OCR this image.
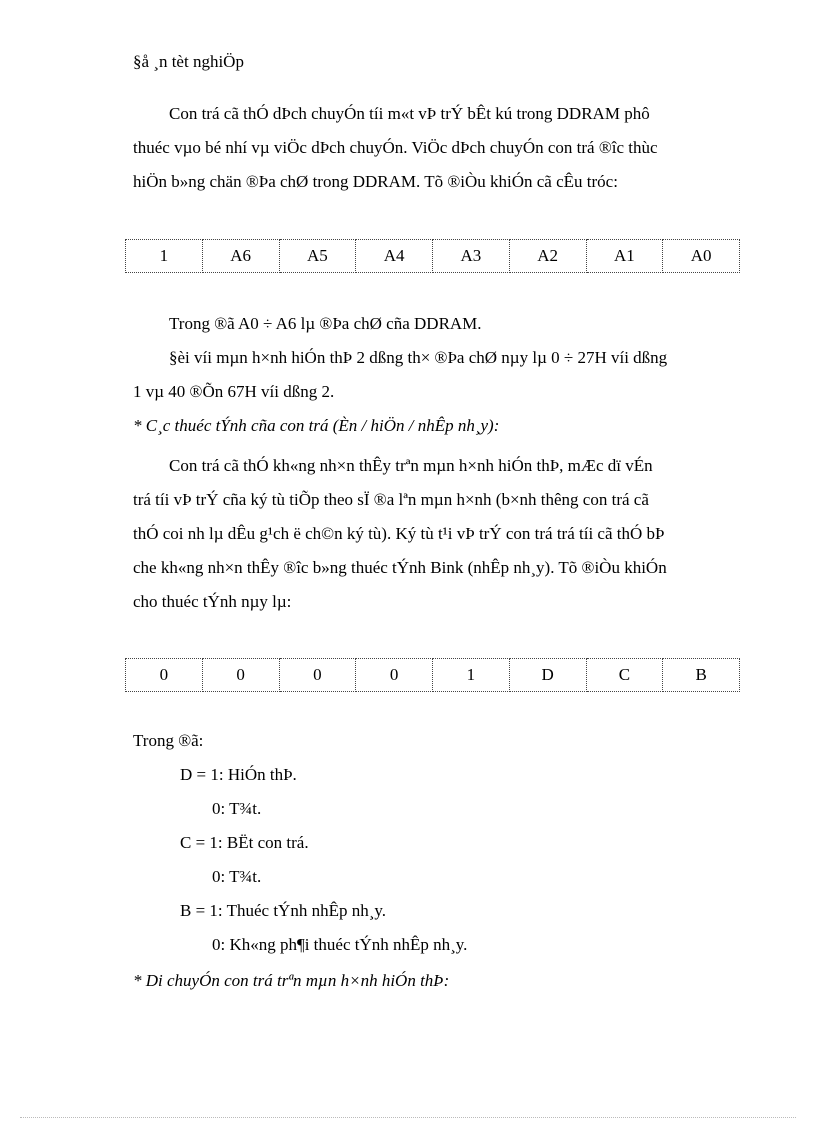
§å ¸n tèt nghiÖp

Con trá cã thÓ dÞch chuyÓn tíi m«t vÞ trÝ bÊt kú trong DDRAM phô

thuéc vµo bé nhí vµ viÖc dÞch chuyÓn. ViÖc dÞch chuyÓn con trá ®îc thùc

hiÖn b»ng chän ®Þa chØ trong DDRAM. Tõ ®iÒu khiÓn cã cÊu tróc:

1	A6	A5	A4	A3	A2	A1	A0

Trong ®ã A0 ÷ A6 lµ ®Þa chØ cña DDRAM.

§èi víi mµn h×nh hiÓn thÞ 2 dßng th× ®Þa chØ nµy lµ 0 ÷ 27H víi dßng

1 vµ 40 ®Õn 67H víi dßng 2.

* C¸c thuéc tÝnh cña con trá (Èn / hiÖn / nhÊp nh¸y):

Con trá cã thÓ kh«ng nh×n thÊy trªn mµn h×nh hiÓn thÞ, mÆc dï vÉn

trá tíi vÞ trÝ cña ký tù tiÕp theo sÏ ®a lªn mµn h×nh (b×nh thêng con trá cã

thÓ coi nh lµ dÊu g¹ch ë ch©n ký tù). Ký tù t¹i vÞ trÝ con trá trá tíi cã thÓ bÞ

che kh«ng nh×n thÊy ®îc b»ng thuéc tÝnh Bink (nhÊp nh¸y). Tõ ®iÒu khiÓn

cho thuéc tÝnh nµy lµ:

0	0	0	0	1	D	C	B
Trong ®ã:
D = 1: HiÓn thÞ.
0: T¾t.
C = 1: BËt con trá.
0: T¾t.
B = 1: Thuéc tÝnh nhÊp nh¸y.
0: Kh«ng ph¶i thuéc tÝnh nhÊp nh¸y.
* Di chuyÓn con trá trªn mµn h×nh hiÓn thÞ:
